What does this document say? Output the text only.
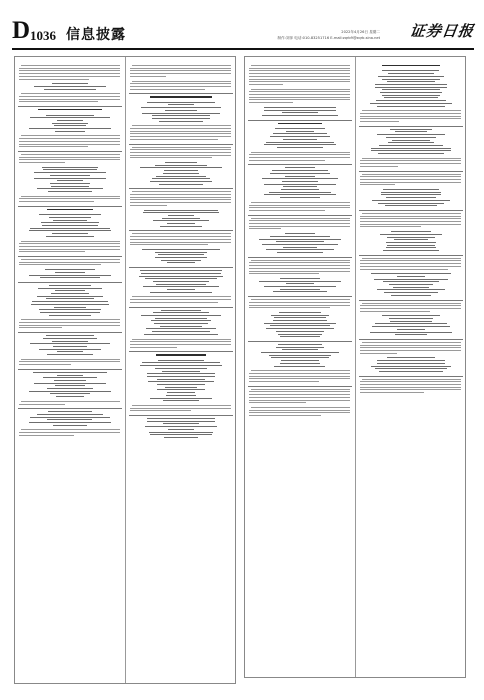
D 1036 信息披露	2022年4月26日 星期二
制作:刘萍 电话:010-83251716 E-mail:zqrb9@zqrb.sina.net 证券日报
